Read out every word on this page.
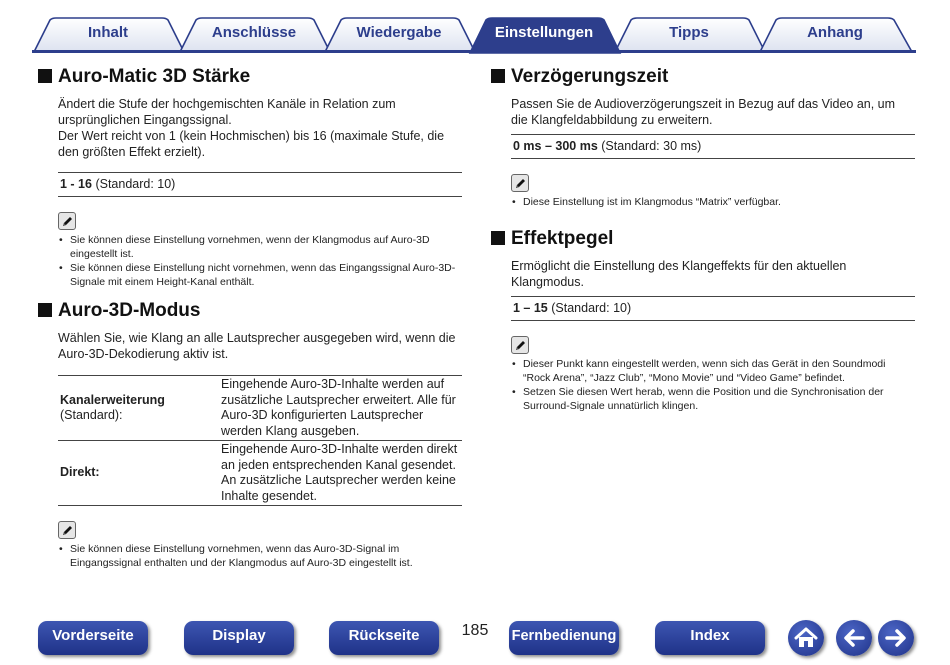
Inhalt	Anschlüsse	Wiedergabe	Einstellungen	Tipps	Anhang
Auro-Matic 3D Stärke

Ändert die Stufe der hochgemischten Kanäle in Relation zum ursprünglichen Eingangssignal.

Der Wert reicht von 1 (kein Hochmischen) bis 16 (maximale Stufe, die den größten Effekt erzielt).

1 - 16 (Standard: 10)
• Sie können diese Einstellung vornehmen, wenn der Klangmodus auf Auro-3D eingestellt ist.
• Sie können diese Einstellung nicht vornehmen, wenn das Eingangssignal Auro-3D-Signale mit einem Height-Kanal enthält.
Auro-3D-Modus

Wählen Sie, wie Klang an alle Lautsprecher ausgegeben wird, wenn die Auro-3D-Dekodierung aktiv ist.

Kanalerweiterung
(Standard):	Eingehende Auro-3D-Inhalte werden auf zusätzliche Lautsprecher erweitert. Alle für Auro-3D konfigurierten Lautsprecher werden Klang ausgeben.
Direkt:	Eingehende Auro-3D-Inhalte werden direkt an jeden entsprechenden Kanal gesendet. An zusätzliche Lautsprecher werden keine Inhalte gesendet.
• Sie können diese Einstellung vornehmen, wenn das Auro-3D-Signal im Eingangssignal enthalten und der Klangmodus auf Auro-3D eingestellt ist.
Verzögerungszeit

Passen Sie de Audioverzögerungszeit in Bezug auf das Video an, um die Klangfeldabbildung zu erweitern.

0 ms – 300 ms (Standard: 30 ms)
• Diese Einstellung ist im Klangmodus “Matrix” verfügbar.
Effektpegel

Ermöglicht die Einstellung des Klangeffekts für den aktuellen Klangmodus.

1 – 15 (Standard: 10)
• Dieser Punkt kann eingestellt werden, wenn sich das Gerät in den Soundmodi “Rock Arena”, “Jazz Club”, “Mono Movie” und “Video Game” befindet.
• Setzen Sie diesen Wert herab, wenn die Position und die Synchronisation der Surround-Signale unnatürlich klingen.
Vorderseite	Display	Rückseite	185	Fernbedienung	Index
